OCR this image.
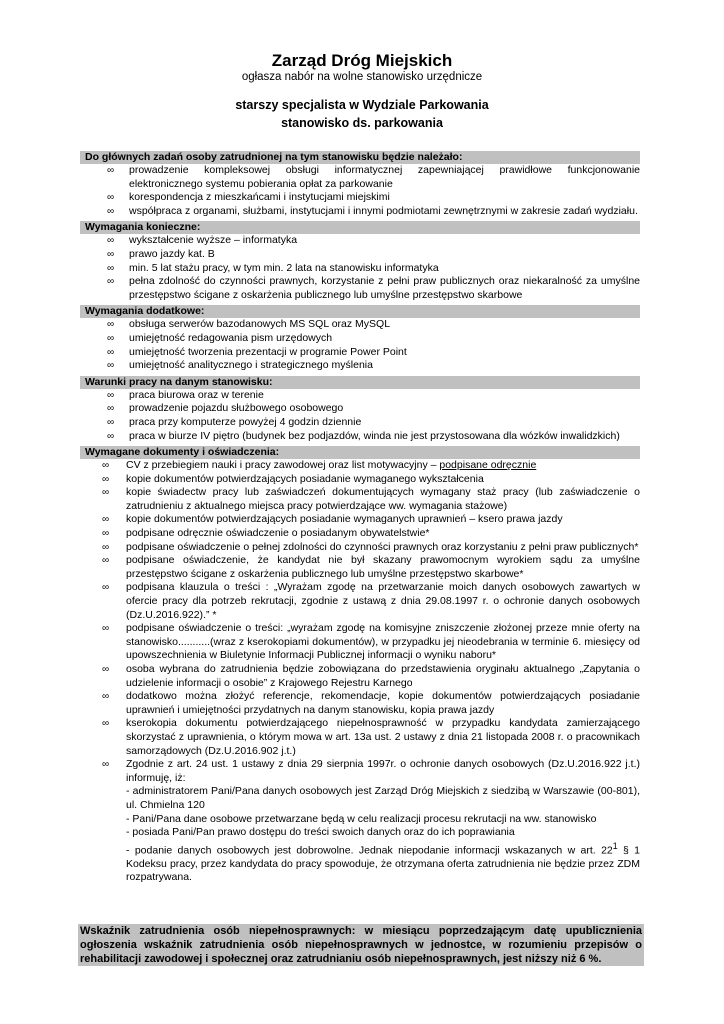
Zarząd Dróg Miejskich
ogłasza nabór na wolne stanowisko urzędnicze
starszy specjalista w Wydziale Parkowania
stanowisko ds. parkowania
Do głównych zadań osoby zatrudnionej na tym stanowisku będzie należało:
∞ prowadzenie kompleksowej obsługi informatycznej zapewniającej prawidłowe funkcjonowanie elektronicznego systemu pobierania opłat za parkowanie
∞ korespondencja z mieszkańcami i instytucjami miejskimi
∞ współpraca z organami, służbami, instytucjami i innymi podmiotami zewnętrznymi w zakresie zadań wydziału.
Wymagania konieczne:
∞ wykształcenie wyższe – informatyka
∞ prawo jazdy kat. B
∞ min. 5 lat stażu pracy, w tym min. 2 lata na stanowisku informatyka
∞ pełna zdolność do czynności prawnych, korzystanie z pełni praw publicznych oraz niekaralność za umyślne przestępstwo ścigane z oskarżenia publicznego lub umyślne przestępstwo skarbowe
Wymagania dodatkowe:
∞ obsługa serwerów bazodanowych MS SQL oraz MySQL
∞ umiejętność redagowania pism urzędowych
∞ umiejętność tworzenia prezentacji w programie Power Point
∞ umiejętność analitycznego i strategicznego myślenia
Warunki pracy na danym stanowisku:
∞ praca biurowa oraz w terenie
∞ prowadzenie pojazdu służbowego osobowego
∞ praca przy komputerze powyżej 4 godzin dziennie
∞ praca w biurze IV piętro (budynek bez podjazdów, winda nie jest przystosowana dla wózków inwalidzkich)
Wymagane dokumenty i oświadczenia:
∞ CV z przebiegiem nauki i pracy zawodowej oraz list motywacyjny – podpisane odręcznie
∞ kopie dokumentów potwierdzających posiadanie wymaganego wykształcenia
∞ kopie świadectw pracy lub zaświadczeń dokumentujących wymagany staż pracy (lub zaświadczenie o zatrudnieniu z aktualnego miejsca pracy potwierdzające ww. wymagania stażowe)
∞ kopie dokumentów potwierdzających posiadanie wymaganych uprawnień – ksero prawa jazdy
∞ podpisane odręcznie oświadczenie o posiadanym obywatelstwie*
∞ podpisane oświadczenie o pełnej zdolności do czynności prawnych oraz korzystaniu z pełni praw publicznych*
∞ podpisane oświadczenie, że kandydat nie był skazany prawomocnym wyrokiem sądu za umyślne przestępstwo ścigane z oskarżenia publicznego lub umyślne przestępstwo skarbowe*
∞ podpisana klauzula o treści : „Wyrażam zgodę na przetwarzanie moich danych osobowych zawartych w ofercie pracy dla potrzeb rekrutacji, zgodnie z ustawą z dnia 29.08.1997 r. o ochronie danych osobowych (Dz.U.2016.922).” *
∞ podpisane oświadczenie o treści: „wyrażam zgodę na komisyjne zniszczenie złożonej przeze mnie oferty na stanowisko...........(wraz z kserokopiami dokumentów), w przypadku jej nieodebrania w terminie 6. miesięcy od upowszechnienia w Biuletynie Informacji Publicznej informacji o wyniku naboru*
∞ osoba wybrana do zatrudnienia będzie zobowiązana do przedstawienia oryginału aktualnego „Zapytania o udzielenie informacji o osobie” z Krajowego Rejestru Karnego
∞ dodatkowo można złożyć referencje, rekomendacje, kopie dokumentów potwierdzających posiadanie uprawnień i umiejętności przydatnych na danym stanowisku, kopia prawa jazdy
∞ kserokopia dokumentu potwierdzającego niepełnosprawność w przypadku kandydata zamierzającego skorzystać z uprawnienia, o którym mowa w art. 13a ust. 2 ustawy z dnia 21 listopada 2008 r. o pracownikach samorządowych (Dz.U.2016.902 j.t.)
∞ Zgodnie z art. 24 ust. 1 ustawy z dnia 29 sierpnia 1997r. o ochronie danych osobowych (Dz.U.2016.922 j.t.) informuję, iż:
- administratorem Pani/Pana danych osobowych jest Zarząd Dróg Miejskich z siedzibą w Warszawie (00-801), ul. Chmielna 120
- Pani/Pana dane osobowe przetwarzane będą w celu realizacji procesu rekrutacji na ww. stanowisko
- posiada Pani/Pan prawo dostępu do treści swoich danych oraz do ich poprawiania
- podanie danych osobowych jest dobrowolne. Jednak niepodanie informacji wskazanych w art. $22^1$ § 1 Kodeksu pracy, przez kandydata do pracy spowoduje, że otrzymana oferta zatrudnienia nie będzie przez ZDM rozpatrywana.
Wskaźnik zatrudnienia osób niepełnosprawnych: w miesiącu poprzedzającym datę upublicznienia ogłoszenia wskaźnik zatrudnienia osób niepełnosprawnych w jednostce, w rozumieniu przepisów o rehabilitacji zawodowej i społecznej oraz zatrudnianiu osób niepełnosprawnych, jest niższy niż 6 %.
